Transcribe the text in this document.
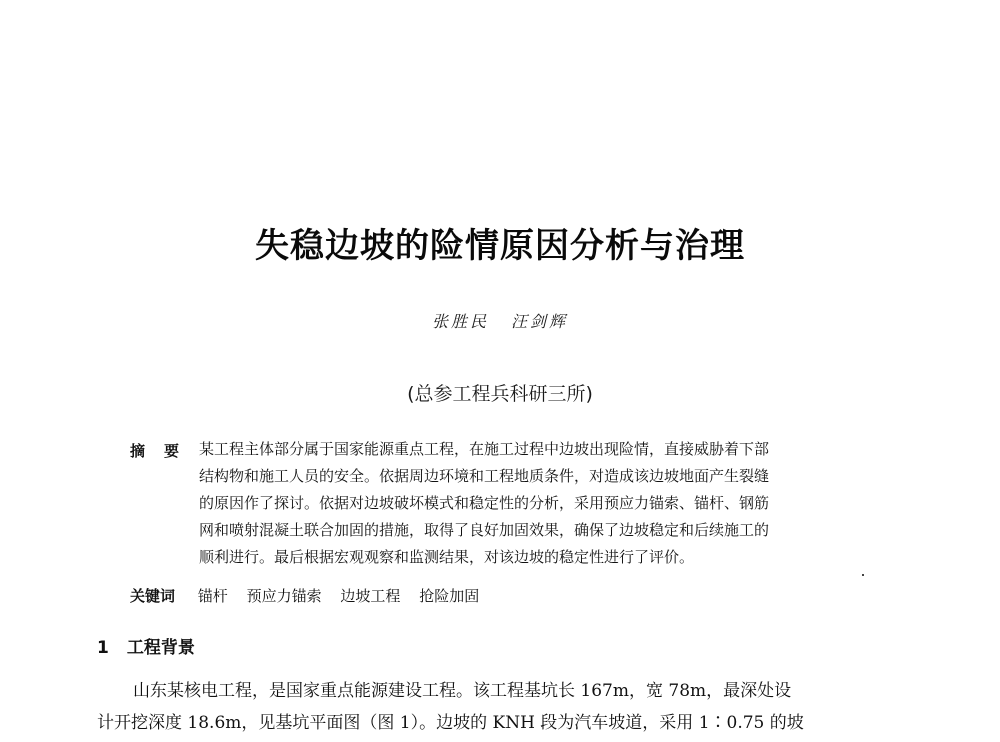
失稳边坡的险情原因分析与治理
张胜民 汪剑辉
(总参工程兵科研三所)
摘要 某工程主体部分属于国家能源重点工程，在施工过程中边坡出现险情，直接威胁着下部
结构物和施工人员的安全。依据周边环境和工程地质条件，对造成该边坡地面产生裂缝
的原因作了探讨。依据对边坡破坏模式和稳定性的分析，采用预应力锚索、锚杆、钢筋
网和喷射混凝土联合加固的措施，取得了良好加固效果，确保了边坡稳定和后续施工的
顺利进行。最后根据宏观观察和监测结果，对该边坡的稳定性进行了评价。
关键词 锚杆 预应力锚索 边坡工程 抢险加固
1 工程背景
山东某核电工程，是国家重点能源建设工程。该工程基坑长 167m，宽 78m，最深处设
计开挖深度 18.6m，见基坑平面图（图 1）。边坡的 KNH 段为汽车坡道，采用 1∶0.75 的坡
